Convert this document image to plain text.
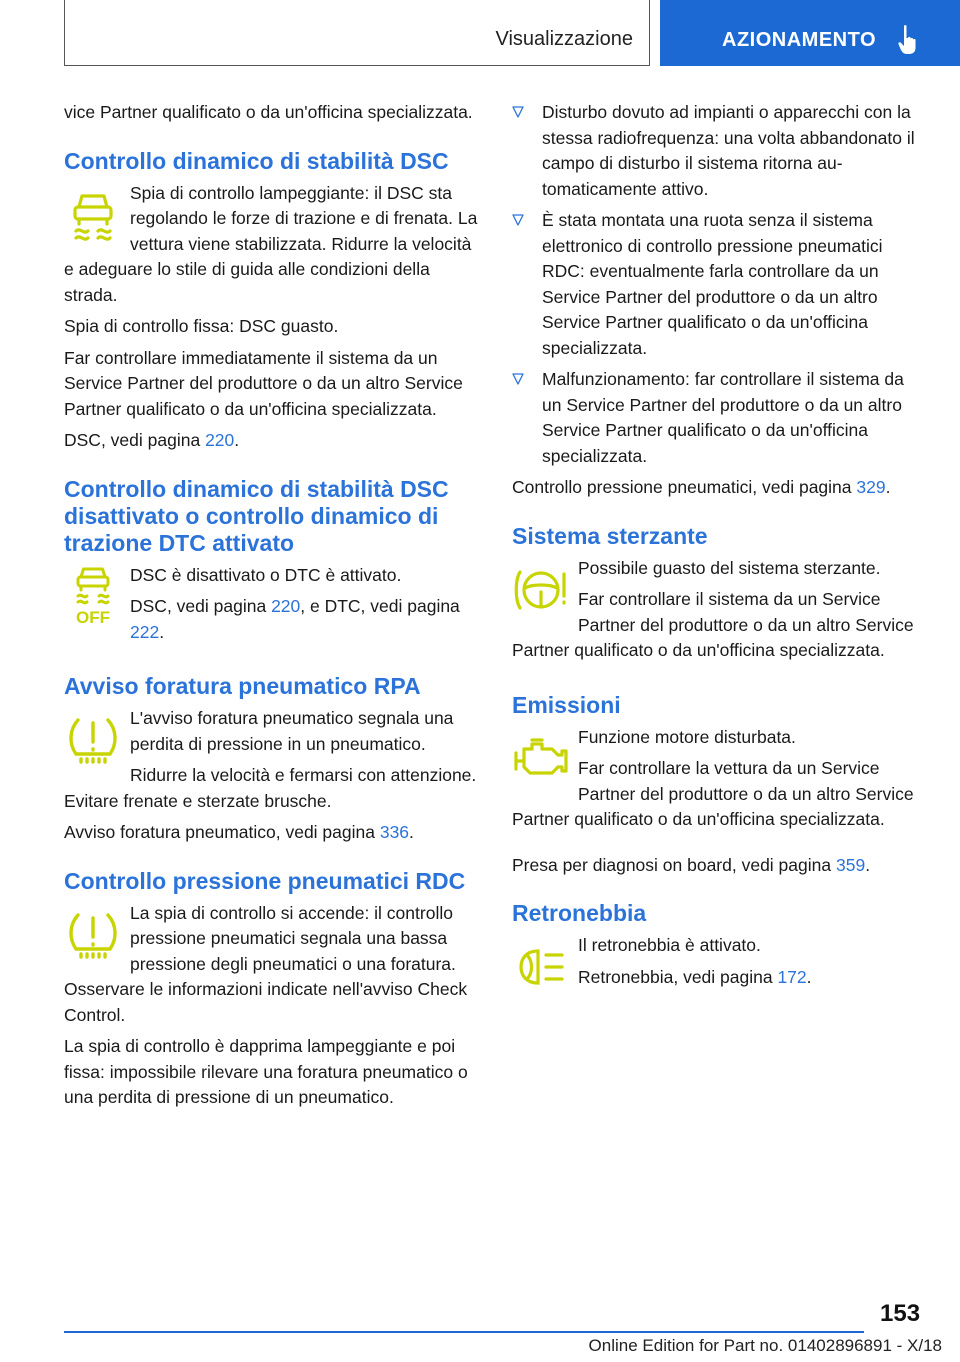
Visualizzazione	AZIONAMENTO

vice Partner qualificato o da un'officina specializzata.

Controllo dinamico di stabilità DSC

Spia di controllo lampeggiante: il DSC sta regolando le forze di trazione e di frenata. La vettura viene stabilizzata. Ridurre la velocità e adeguare lo stile di guida alle condizioni della strada.

Spia di controllo fissa: DSC guasto.

Far controllare immediatamente il sistema da un Service Partner del produttore o da un altro Service Partner qualificato o da un'officina specializzata.

DSC, vedi pagina 220.

Controllo dinamico di stabilità DSC disattivato o controllo dinamico di trazione DTC attivato
OFF

DSC è disattivato o DTC è attivato.

DSC, vedi pagina 220, e DTC, vedi pagina 222.

Avviso foratura pneumatico RPA

L'avviso foratura pneumatico segnala una perdita di pressione in un pneumatico.

Ridurre la velocità e fermarsi con attenzione. Evitare frenate e sterzate brusche.

Avviso foratura pneumatico, vedi pagina 336.

Controllo pressione pneumatici RDC

La spia di controllo si accende: il controllo pressione pneumatici segnala una bassa pressione degli pneumatici o una foratura. Osservare le informazioni indicate nell'avviso Check Control.

La spia di controllo è dapprima lampeggiante e poi fissa: impossibile rilevare una foratura pneumatico o una perdita di pressione di un pneumatico.

Disturbo dovuto ad impianti o apparecchi con la stessa radiofrequenza: una volta abbandonato il campo di disturbo il sistema ritorna automaticamente attivo.
È stata montata una ruota senza il sistema elettronico di controllo pressione pneumatici RDC: eventualmente farla controllare da un Service Partner del produttore o da un altro Service Partner qualificato o da un'officina specializzata.
Malfunzionamento: far controllare il sistema da un Service Partner del produttore o da un altro Service Partner qualificato o da un'officina specializzata.

Controllo pressione pneumatici, vedi pagina 329.

Sistema sterzante

Possibile guasto del sistema sterzante.

Far controllare il sistema da un Service Partner del produttore o da un altro Service Partner qualificato o da un'officina specializzata.

Emissioni

Funzione motore disturbata.

Far controllare la vettura da un Service Partner del produttore o da un altro Service Partner qualificato o da un'officina specializzata.

Presa per diagnosi on board, vedi pagina 359.

Retronebbia

Il retronebbia è attivato.

Retronebbia, vedi pagina 172.

153
Online Edition for Part no. 01402896891 - X/18
